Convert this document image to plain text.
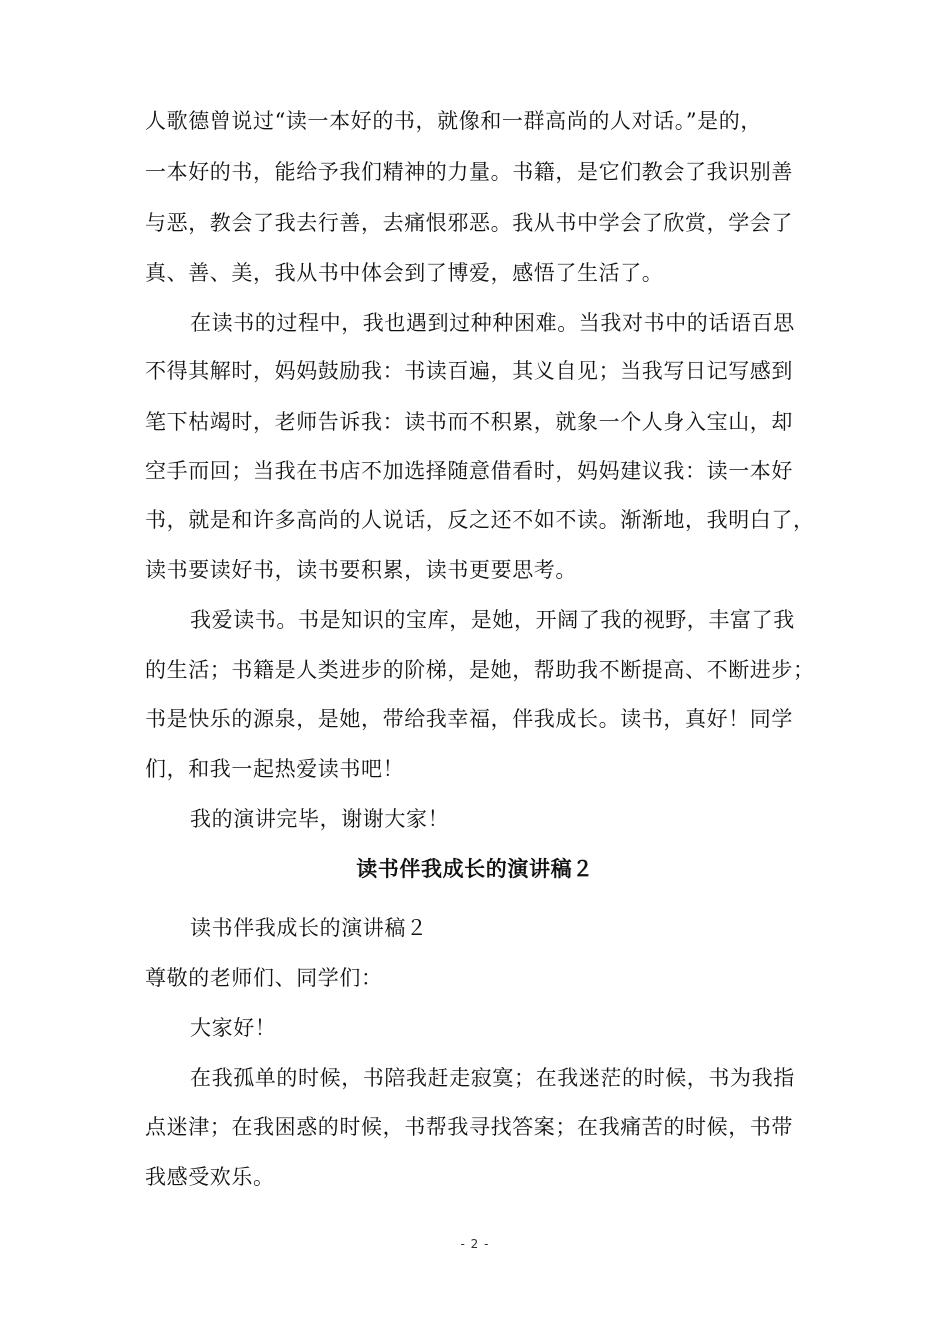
人歌德曾说过“读一本好的书，就像和一群高尚的人对话。”是的，
一本好的书，能给予我们精神的力量。书籍，是它们教会了我识别善
与恶，教会了我去行善，去痛恨邪恶。我从书中学会了欣赏，学会了
真、善、美，我从书中体会到了博爱，感悟了生活了。
在读书的过程中，我也遇到过种种困难。当我对书中的话语百思
不得其解时，妈妈鼓励我：书读百遍，其义自见；当我写日记写感到
笔下枯竭时，老师告诉我：读书而不积累，就象一个人身入宝山，却
空手而回；当我在书店不加选择随意借看时，妈妈建议我：读一本好
书，就是和许多高尚的人说话，反之还不如不读。渐渐地，我明白了，
读书要读好书，读书要积累，读书更要思考。
我爱读书。书是知识的宝库，是她，开阔了我的视野，丰富了我
的生活；书籍是人类进步的阶梯，是她，帮助我不断提高、不断进步；
书是快乐的源泉，是她，带给我幸福，伴我成长。读书，真好！同学
们，和我一起热爱读书吧！
我的演讲完毕，谢谢大家！
读书伴我成长的演讲稿２
读书伴我成长的演讲稿２
尊敬的老师们、同学们：
大家好！
在我孤单的时候，书陪我赶走寂寞；在我迷茫的时候，书为我指
点迷津；在我困惑的时候，书帮我寻找答案；在我痛苦的时候，书带
我感受欢乐。
- 2 -
